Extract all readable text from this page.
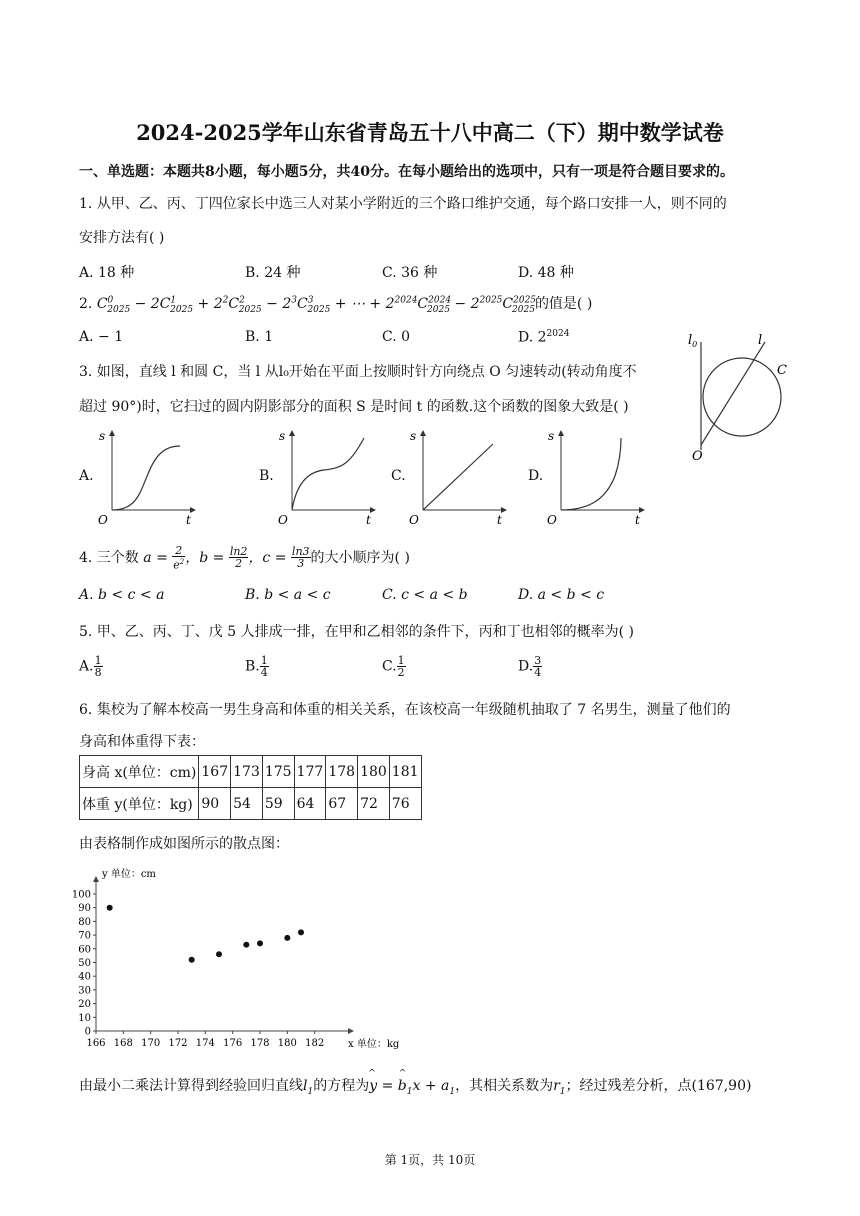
2024-2025学年山东省青岛五十八中高二（下）期中数学试卷
一、单选题：本题共8小题，每小题5分，共40分。在每小题给出的选项中，只有一项是符合题目要求的。
1. 从甲、乙、丙、丁四位家长中选三人对某小学附近的三个路口维护交通，每个路口安排一人，则不同的
安排方法有( )
A. 18 种	B. 24 种	C. 36 种	D. 48 种
2. $C^0_{2025} - 2C^1_{2025} + 2^2C^2_{2025} - 2^3C^3_{2025}$ + ⋯ + $2^{2024}C^{2024}_{2025} - 2^{2025}C^{2025}_{2025}$的值是( )
A. − 1	B. 1	C. 0	D. $2^{2024}$
3. 如图，直线 l 和圆 C，当 l 从l₀开始在平面上按顺时针方向绕点 O 匀速转动(转动角度不
超过 90°)时，它扫过的圆内阴影部分的面积 S 是时间 t 的函数.这个函数的图象大致是( )
$l_0$	l
C
O
A.	B.	C.	D.
s
t
O
s
t
O
s
t
O
s
t
O
4. 三个数 $a = \frac{2}{e^2}$ ，$b = \frac{\ln 2}{2}$ ，$c = \frac{\ln 3}{3}$ 的大小顺序为( )
A. b < c < a	B. b < a < c	C. c < a < b	D. a < b < c
5. 甲、乙、丙、丁、戊 5 人排成一排，在甲和乙相邻的条件下，丙和丁也相邻的概率为( )
A. $\frac{1}{8}$	B. $\frac{1}{4}$	C. $\frac{1}{2}$	D. $\frac{3}{4}$
6. 集校为了解本校高一男生身高和体重的相关关系，在该校高一年级随机抽取了 7 名男生，测量了他们的
身高和体重得下表：
身高 x(单位：cm)	167	173	175	177	178	180	181
体重 y(单位：kg)	90	54	59	64	67	72	76
由表格制作成如图所示的散点图：
166 168 170 172 174 176 178 180 182
0
10
20
30
40
50
60
70
80
90
100
y 单位：cm
x 单位：kg
由最小二乘法计算得到经验回归直线$l_1$的方程为y
^
= b
^
$_1x + a_1$，其相关系数为$r_1$；经过残差分析，点(167,90)
第 1页，共 10页
